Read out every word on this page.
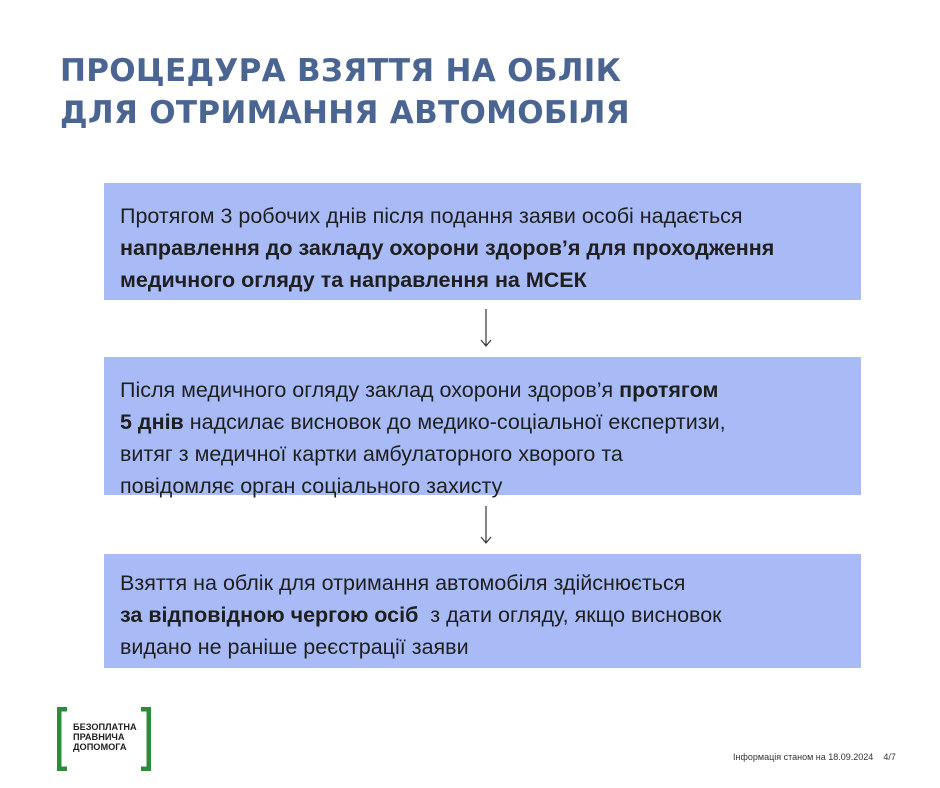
ПРОЦЕДУРА ВЗЯТТЯ НА ОБЛІК
ДЛЯ ОТРИМАННЯ АВТОМОБІЛЯ

Протягом 3 робочих днів після подання заяви особі надається
направлення до закладу охорони здоров’я для проходження
медичного огляду та направлення на МСЕК

Після медичного огляду заклад охорони здоров’я протягом
5 днів надсилає висновок до медико-соціальної експертизи,
витяг з медичної картки амбулаторного хворого та
повідомляє орган соціального захисту

Взяття на облік для отримання автомобіля здійснюється
за відповідною чергою осіб  з дати огляду, якщо висновок
видано не раніше реєстрації заяви

БЕЗОПЛАТНА
ПРАВНИЧА
ДОПОМОГА
Інформація станом на 18.09.2024 4/7
